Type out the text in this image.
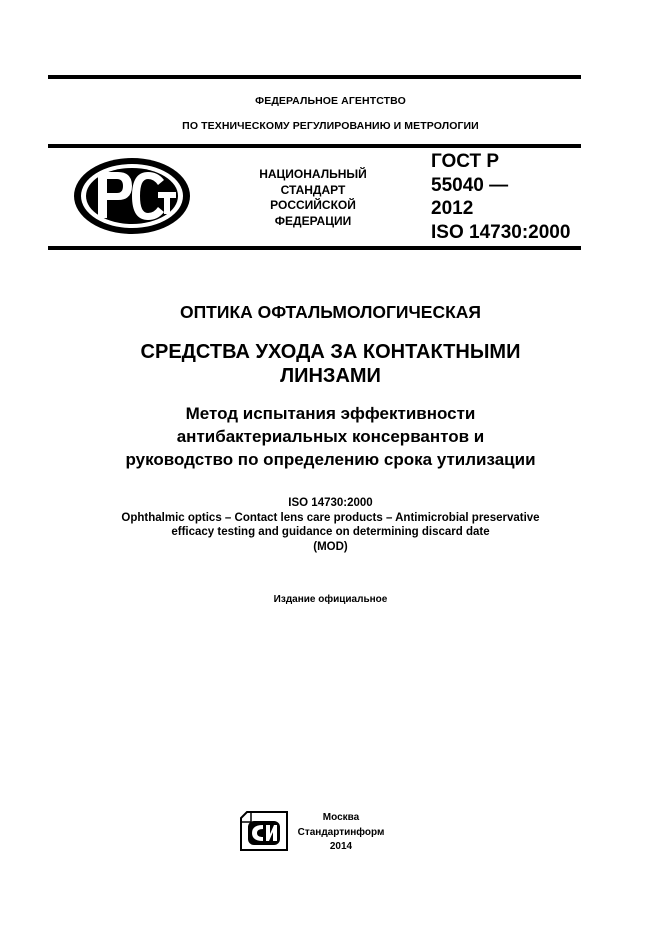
ФЕДЕРАЛЬНОЕ АГЕНТСТВО
ПО ТЕХНИЧЕСКОМУ РЕГУЛИРОВАНИЮ И МЕТРОЛОГИИ
НАЦИОНАЛЬНЫЙ
СТАНДАРТ
РОССИЙСКОЙ
ФЕДЕРАЦИИ
ГОСТ Р
55040 —
2012
ISO 14730:2000
ОПТИКА ОФТАЛЬМОЛОГИЧЕСКАЯ
СРЕДСТВА УХОДА ЗА КОНТАКТНЫМИ
ЛИНЗАМИ
Метод испытания эффективности
антибактериальных консервантов и
руководство по определению срока утилизации
ISO 14730:2000
Ophthalmic optics – Contact lens care products – Antimicrobial preservative
efficacy testing and guidance on determining discard date
(MOD)
Издание официальное
Москва
Стандартинформ
2014
